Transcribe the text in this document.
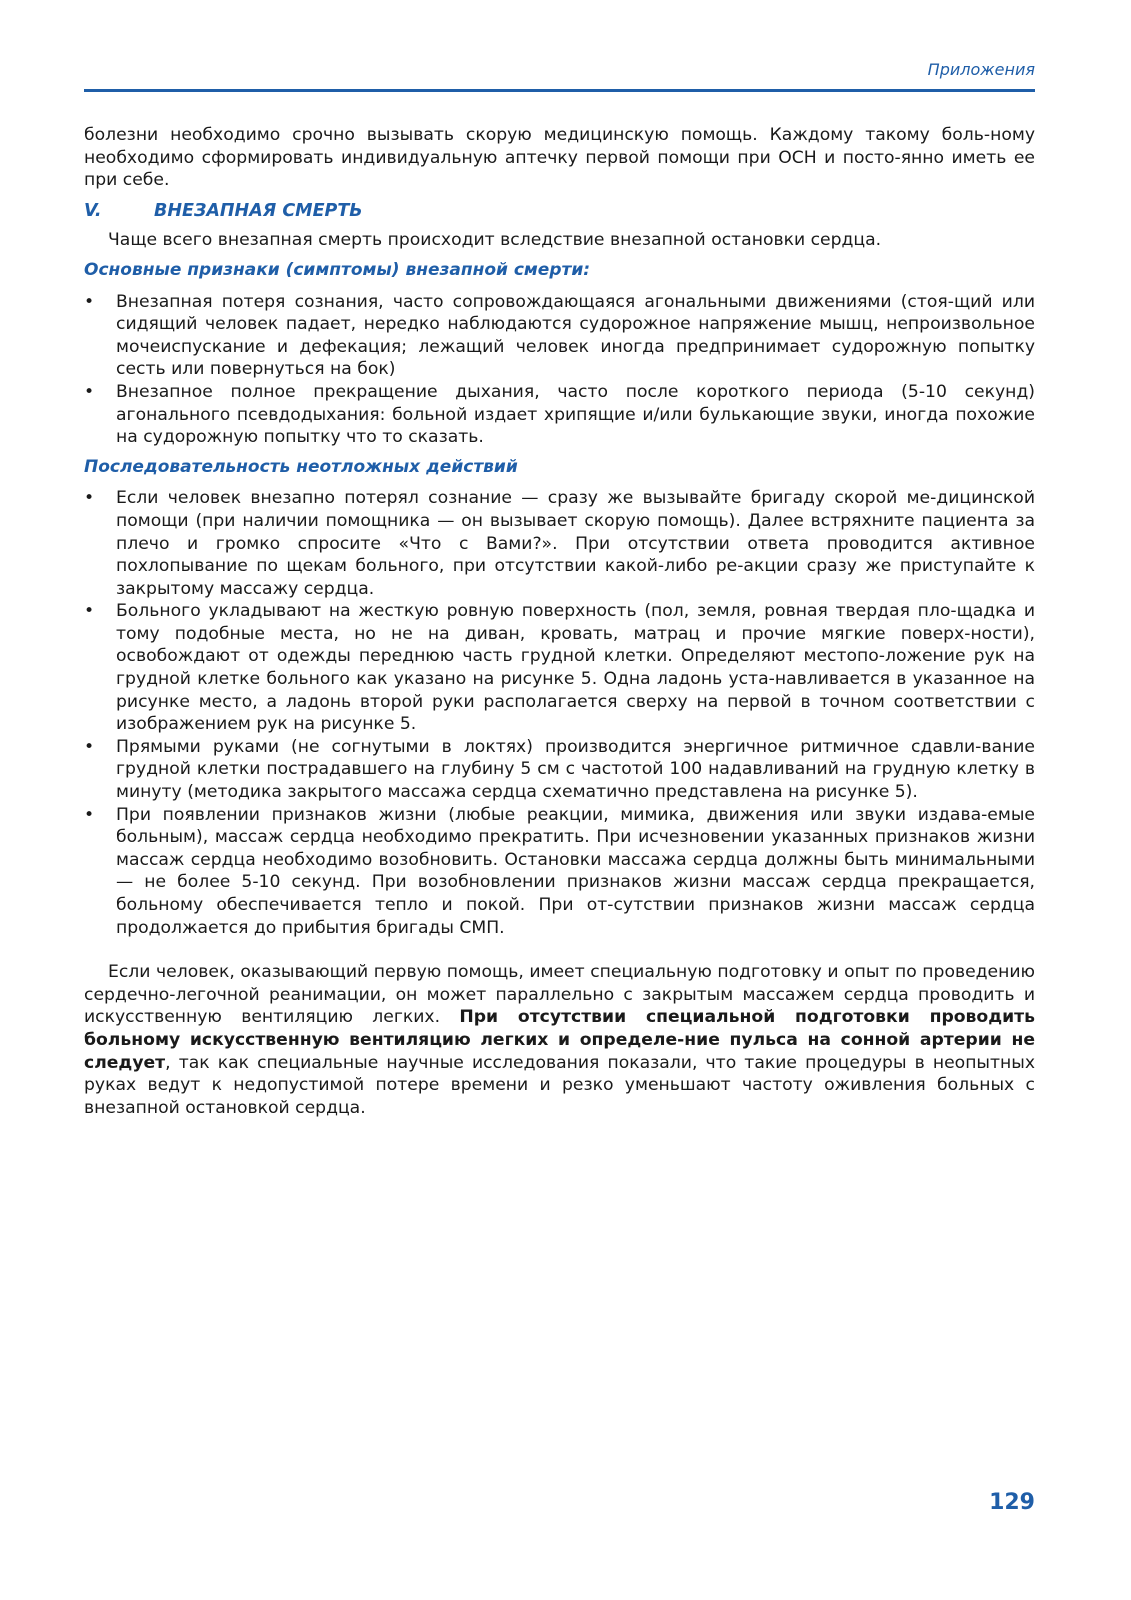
Приложения

болезни необходимо срочно вызывать скорую медицинскую помощь. Каждому такому боль-ному необходимо сформировать индивидуальную аптечку первой помощи при ОСН и посто-янно иметь ее при себе.

V.	ВНЕЗАПНАЯ СМЕРТЬ

Чаще всего внезапная смерть происходит вследствие внезапной остановки сердца.

Основные признаки (симптомы) внезапной смерти:
• Внезапная потеря сознания, часто сопровождающаяся агональными движениями (стоя-щий или сидящий человек падает, нередко наблюдаются судорожное напряжение мышц, непроизвольное мочеиспускание и дефекация; лежащий человек иногда предпринимает судорожную попытку сесть или повернуться на бок)
• Внезапное полное прекращение дыхания, часто после короткого периода (5-10 секунд) агонального псевдодыхания: больной издает хрипящие и/или булькающие звуки, иногда похожие на судорожную попытку что то сказать.
Последовательность неотложных действий
• Если человек внезапно потерял сознание — сразу же вызывайте бригаду скорой ме-дицинской помощи (при наличии помощника — он вызывает скорую помощь). Далее встряхните пациента за плечо и громко спросите «Что с Вами?». При отсутствии ответа проводится активное похлопывание по щекам больного, при отсутствии какой-либо ре-акции сразу же приступайте к закрытому массажу сердца.
• Больного укладывают на жесткую ровную поверхность (пол, земля, ровная твердая пло-щадка и тому подобные места, но не на диван, кровать, матрац и прочие мягкие поверх-ности), освобождают от одежды переднюю часть грудной клетки. Определяют местопо-ложение рук на грудной клетке больного как указано на рисунке 5. Одна ладонь уста-навливается в указанное на рисунке место, а ладонь второй руки располагается сверху на первой в точном соответствии с изображением рук на рисунке 5.
• Прямыми руками (не согнутыми в локтях) производится энергичное ритмичное сдавли-вание грудной клетки пострадавшего на глубину 5 см с частотой 100 надавливаний на грудную клетку в минуту (методика закрытого массажа сердца схематично представлена на рисунке 5).
• При появлении признаков жизни (любые реакции, мимика, движения или звуки издава-емые больным), массаж сердца необходимо прекратить. При исчезновении указанных признаков жизни массаж сердца необходимо возобновить. Остановки массажа сердца должны быть минимальными — не более 5-10 секунд. При возобновлении признаков жизни массаж сердца прекращается, больному обеспечивается тепло и покой. При от-сутствии признаков жизни массаж сердца продолжается до прибытия бригады СМП.

Если человек, оказывающий первую помощь, имеет специальную подготовку и опыт по проведению сердечно-легочной реанимации, он может параллельно с закрытым массажем сердца проводить и искусственную вентиляцию легких. При отсутствии специальной подготовки проводить больному искусственную вентиляцию легких и определе-ние пульса на сонной артерии не следует, так как специальные научные исследования показали, что такие процедуры в неопытных руках ведут к недопустимой потере времени и резко уменьшают частоту оживления больных с внезапной остановкой сердца.

129
